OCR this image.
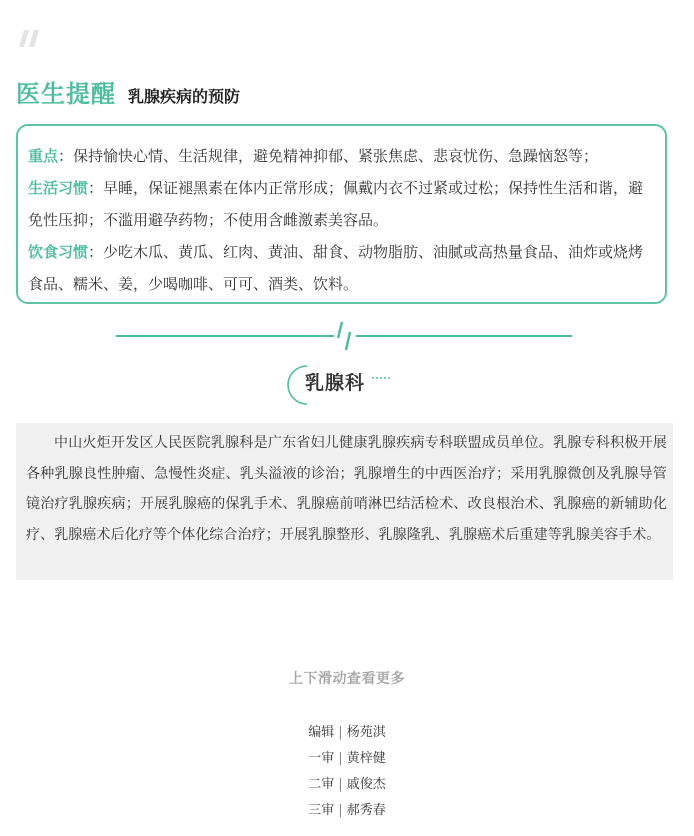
医生提醒 乳腺疾病的预防

重点：保持愉快心情、生活规律，避免精神抑郁、紧张焦虑、悲哀忧伤、急躁恼怒等；

生活习惯：早睡，保证褪黑素在体内正常形成；佩戴内衣不过紧或过松；保持性生活和谐，避免性压抑；不滥用避孕药物；不使用含雌激素美容品。

饮食习惯：少吃木瓜、黄瓜、红肉、黄油、甜食、动物脂肪、油腻或高热量食品、油炸或烧烤食品、糯米、姜，少喝咖啡、可可、酒类、饮料。

乳腺科

中山火炬开发区人民医院乳腺科是广东省妇儿健康乳腺疾病专科联盟成员单位。乳腺专科积极开展各种乳腺良性肿瘤、急慢性炎症、乳头溢液的诊治；乳腺增生的中西医治疗；采用乳腺微创及乳腺导管镜治疗乳腺疾病；开展乳腺癌的保乳手术、乳腺癌前哨淋巴结活检术、改良根治术、乳腺癌的新辅助化疗、乳腺癌术后化疗等个体化综合治疗；开展乳腺整形、乳腺隆乳、乳腺癌术后重建等乳腺美容手术。

上下滑动查看更多
编辑 | 杨苑淇
一审 | 黄梓健
二审 | 戚俊杰
三审 | 郝秀春
